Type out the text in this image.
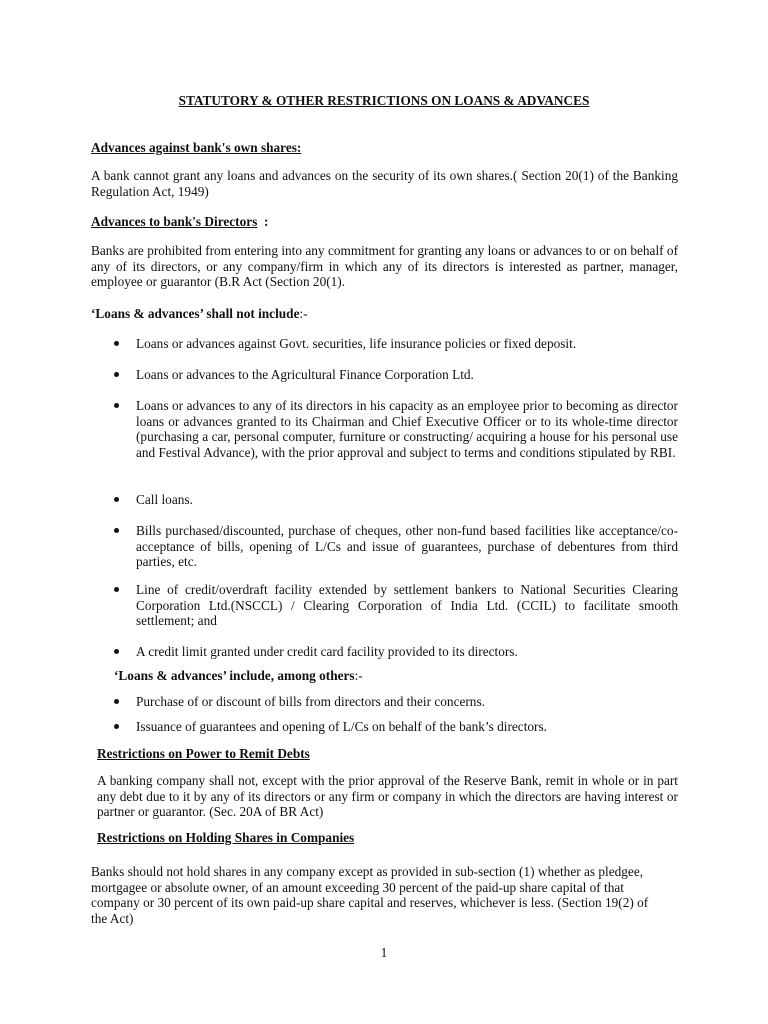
STATUTORY & OTHER RESTRICTIONS ON LOANS & ADVANCES
Advances against bank's own shares:
A bank cannot grant any loans and advances on the security of its own shares.( Section 20(1) of the Banking Regulation Act, 1949)
Advances to bank's Directors  :
Banks are prohibited from entering into any commitment for granting any loans or advances to or on behalf of any of its directors, or any company/firm in which any of its directors is interested as partner, manager, employee or guarantor (B.R Act (Section 20(1).
‘Loans & advances’ shall not include:-
Loans or advances against Govt. securities, life insurance policies or fixed deposit.
Loans or advances to the Agricultural Finance Corporation Ltd.
Loans or advances to any of its directors in his capacity as an employee prior to becoming as director loans or advances granted to its Chairman and Chief Executive Officer or to its whole-time director (purchasing a car, personal computer, furniture or constructing/ acquiring a house for his personal use and Festival Advance), with the prior approval and subject to terms and conditions stipulated by RBI.
Call loans.
Bills purchased/discounted, purchase of cheques, other non-fund based facilities like acceptance/co-acceptance of bills, opening of L/Cs and issue of guarantees, purchase of debentures from third parties, etc.
Line of credit/overdraft facility extended by settlement bankers to National Securities Clearing Corporation Ltd.(NSCCL) / Clearing Corporation of India Ltd. (CCIL) to facilitate smooth settlement; and
A credit limit granted under credit card facility provided to its directors.
‘Loans & advances’ include, among others:-
Purchase of or discount of bills from directors and their concerns.
Issuance of guarantees and opening of L/Cs on behalf of the bank’s directors.
Restrictions on Power to Remit Debts
A banking company shall not, except with the prior approval of the Reserve Bank, remit in whole or in part any debt due to it by any of its directors or any firm or company in which the directors are having interest or partner or guarantor. (Sec. 20A of BR Act)
Restrictions on Holding Shares in Companies
Banks should not hold shares in any company except as provided in sub-section (1) whether as pledgee,
mortgagee or absolute owner, of an amount exceeding 30 percent of the paid-up share capital of that
company or 30 percent of its own paid-up share capital and reserves, whichever is less. (Section 19(2) of
the Act)
1
